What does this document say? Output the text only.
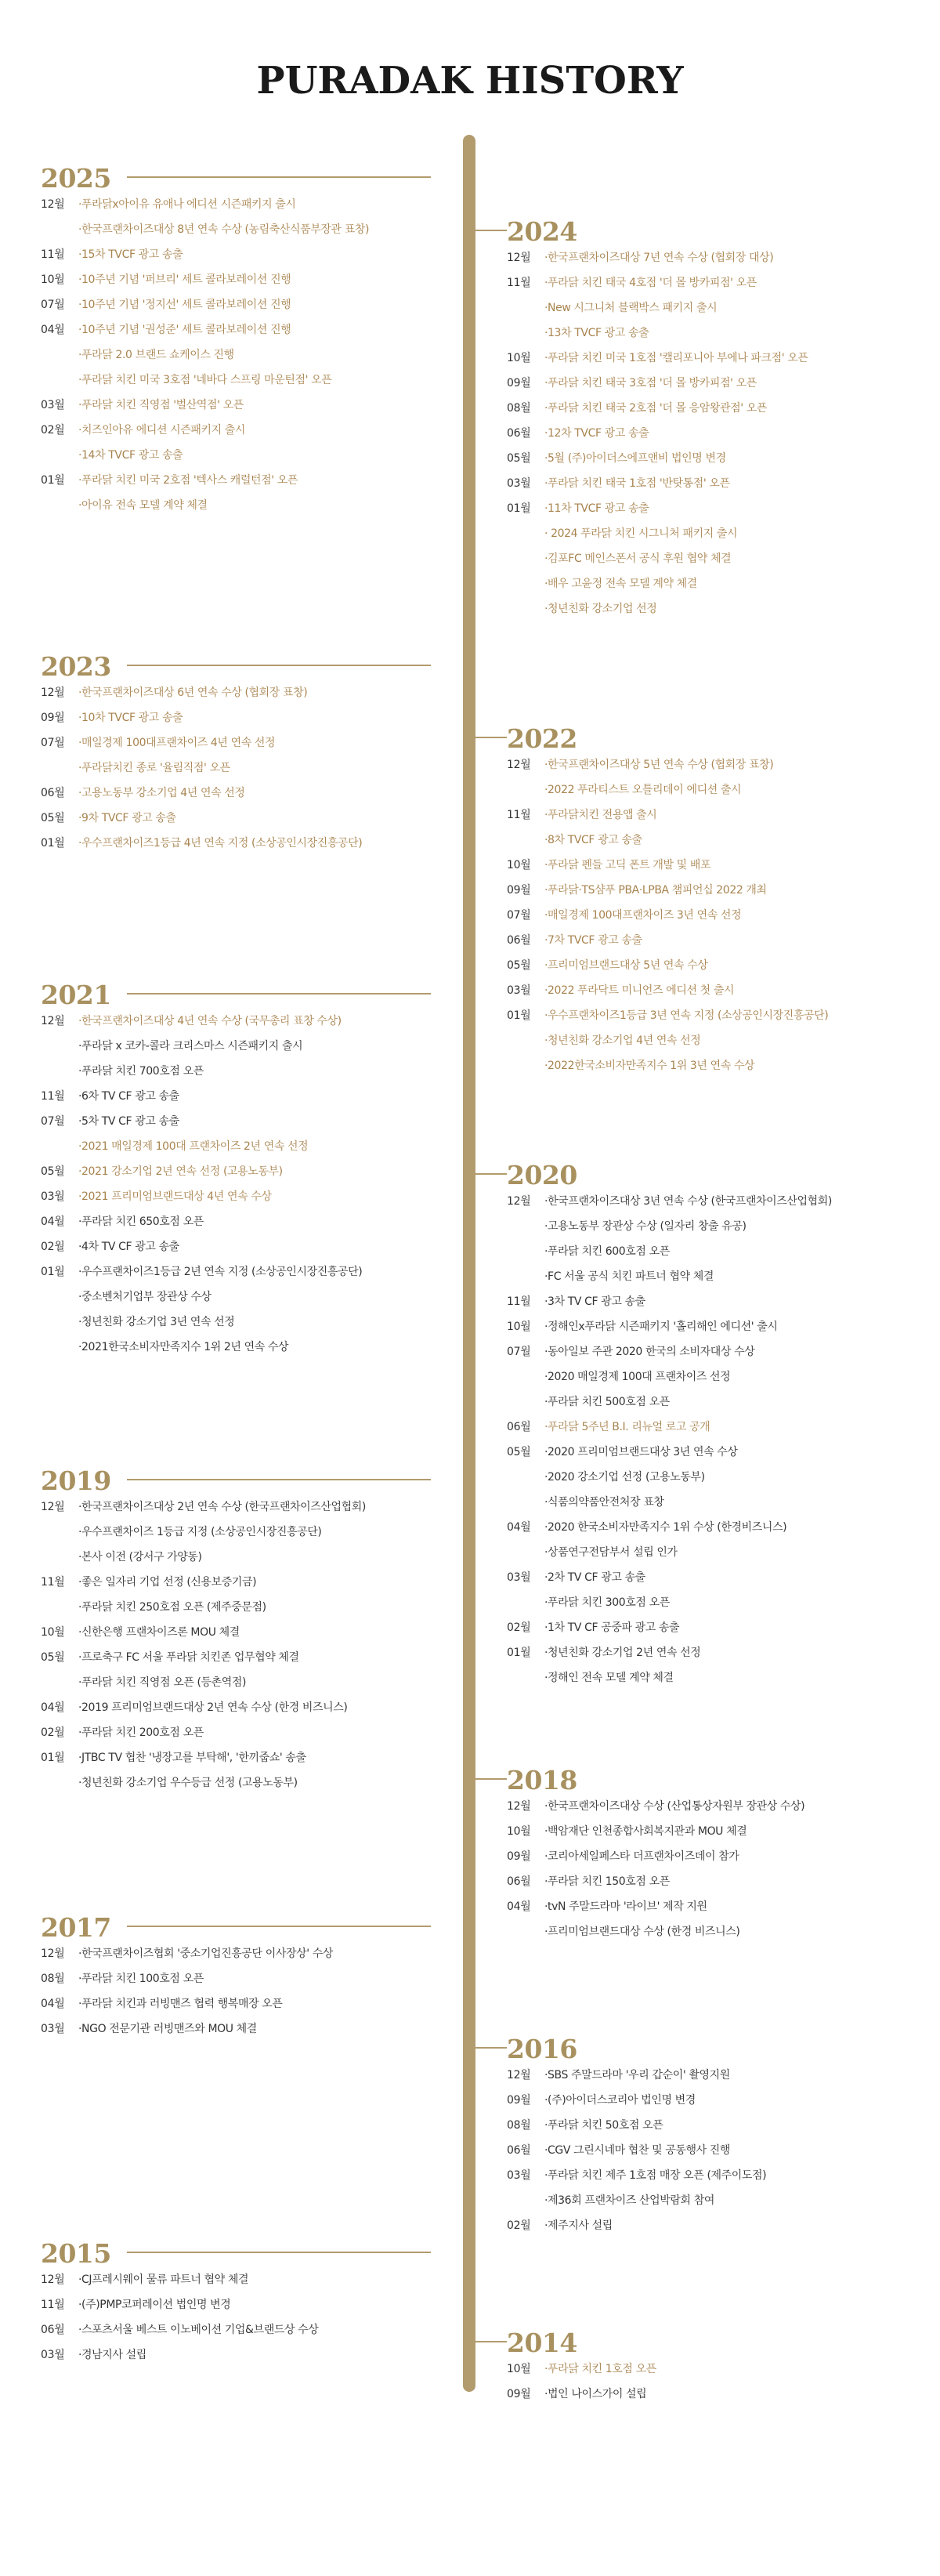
PURADAK HISTORY
2025
12월 ·푸라닭x아이유 유애나 에디션 시즌패키지 출시
·한국프랜차이즈대상 8년 연속 수상 (농림축산식품부장관 표창)
11월 ·15차 TVCF 광고 송출
10월 ·10주년 기념 '퍼브리' 세트 콜라보레이션 진행
07월 ·10주년 기념 '정지선' 세트 콜라보레이션 진행
04월 ·10주년 기념 '권성준' 세트 콜라보레이션 진행
·푸라닭 2.0 브랜드 쇼케이스 진행
·푸라닭 치킨 미국 3호점 '네바다 스프링 마운틴점' 오픈
03월 ·푸라닭 치킨 직영점 '벌산역점' 오픈
02월 ·치즈인아유 에디션 시즌패키지 출시
·14차 TVCF 광고 송출
01월 ·푸라닭 치킨 미국 2호점 '텍사스 캐럴턴점' 오픈
·아이유 전속 모델 계약 체결
2024
12월 ·한국프랜차이즈대상 7년 연속 수상 (협회장 대상)
11월 ·푸라닭 치킨 태국 4호점 '더 몰 방카피점' 오픈
·New 시그니처 블랙박스 패키지 출시
·13차 TVCF 광고 송출
10월 ·푸라닭 치킨 미국 1호점 '캘리포니아 부에나 파크점' 오픈
09월 ·푸라닭 치킨 태국 3호점 '더 몰 방카피점' 오픈
08월 ·푸라닭 치킨 태국 2호점 '더 몰 응암왕관점' 오픈
06월 ·12차 TVCF 광고 송출
05월 ·5월 (주)아이더스에프앤비 법인명 변경
03월 ·푸라닭 치킨 태국 1호점 '반탓통점' 오픈
01월 ·11차 TVCF 광고 송출
· 2024 푸라닭 치킨 시그니처 패키지 출시
·김포FC 메인스폰서 공식 후원 협약 체결
·배우 고윤정 전속 모델 계약 체결
·청년친화 강소기업 선정
2023
12월 ·한국프랜차이즈대상 6년 연속 수상 (협회장 표창)
09월 ·10차 TVCF 광고 송출
07월 ·매일경제 100대프랜차이즈 4년 연속 선정
·푸라닭치킨 종로 '율림직점' 오픈
06월 ·고용노동부 강소기업 4년 연속 선정
05월 ·9차 TVCF 광고 송출
01월 ·우수프랜차이즈1등급 4년 연속 지정 (소상공인시장진흥공단)
2022
12월 ·한국프랜차이즈대상 5년 연속 수상 (협회장 표창)
·2022 푸라티스트 오틀리데이 에디션 출시
11월 ·푸라닭치킨 전용앱 출시
·8차 TVCF 광고 송출
10월 ·푸라닭 펜들 고딕 폰트 개발 및 배포
09월 ·푸라닭·TS샴푸 PBA·LPBA 챔피언십 2022 개최
07월 ·매일경제 100대프랜차이즈 3년 연속 선정
06월 ·7차 TVCF 광고 송출
05월 ·프리미엄브랜드대상 5년 연속 수상
03월 ·2022 푸라닥트 미니언즈 에디션 첫 출시
01월 ·우수프랜차이즈1등급 3년 연속 지정 (소상공인시장진흥공단)
·청년친화 강소기업 4년 연속 선정
·2022한국소비자만족지수 1위 3년 연속 수상
2021
12월 ·한국프랜차이즈대상 4년 연속 수상 (국무총리 표창 수상)
·푸라닭 x 코카-콜라 크리스마스 시즌패키지 출시
·푸라닭 치킨 700호점 오픈
11월 ·6차 TV CF 광고 송출
07월 ·5차 TV CF 광고 송출
·2021 매일경제 100대 프랜차이즈 2년 연속 선정
05월 ·2021 강소기업 2년 연속 선정 (고용노동부)
03월 ·2021 프리미엄브랜드대상 4년 연속 수상
04월 ·푸라닭 치킨 650호점 오픈
02월 ·4차 TV CF 광고 송출
01월 ·우수프랜차이즈1등급 2년 연속 지정 (소상공인시장진흥공단)
·중소벤처기업부 장관상 수상
·청년친화 강소기업 3년 연속 선정
·2021한국소비자만족지수 1위 2년 연속 수상
2020
12월 ·한국프랜차이즈대상 3년 연속 수상 (한국프랜차이즈산업협회)
·고용노동부 장관상 수상 (일자리 창출 유공)
·푸라닭 치킨 600호점 오픈
·FC 서울 공식 치킨 파트너 협약 체결
11월 ·3차 TV CF 광고 송출
10월 ·정해인x푸라닭 시즌패키지 '홀리해인 에디션' 출시
07월 ·동아일보 주관 2020 한국의 소비자대상 수상
·2020 매일경제 100대 프랜차이즈 선정
·푸라닭 치킨 500호점 오픈
06월 ·푸라닭 5주년 B.I. 리뉴얼 로고 공개
05월 ·2020 프리미엄브랜드대상 3년 연속 수상
·2020 강소기업 선정 (고용노동부)
·식품의약품안전처장 표창
04월 ·2020 한국소비자만족지수 1위 수상 (한경비즈니스)
·상품연구전담부서 설립 인가
03월 ·2차 TV CF 광고 송출
·푸라닭 치킨 300호점 오픈
02월 ·1차 TV CF 공중파 광고 송출
01월 ·청년친화 강소기업 2년 연속 선정
·정해인 전속 모델 계약 체결
2019
12월 ·한국프랜차이즈대상 2년 연속 수상 (한국프랜차이즈산업협회)
·우수프랜차이즈 1등급 지정 (소상공인시장진흥공단)
·본사 이전 (강서구 가양동)
11월 ·좋은 일자리 기업 선정 (신용보증기금)
·푸라닭 치킨 250호점 오픈 (제주중문점)
10월 ·신한은행 프랜차이즈론 MOU 체결
05월 ·프로축구 FC 서울 푸라닭 치킨존 업무협약 체결
·푸라닭 치킨 직영점 오픈 (등촌역점)
04월 ·2019 프리미엄브랜드대상 2년 연속 수상 (한경 비즈니스)
02월 ·푸라닭 치킨 200호점 오픈
01월 ·JTBC TV 협찬 '냉장고를 부탁해', '한끼줍쇼' 송출
·청년친화 강소기업 우수등급 선정 (고용노동부)	2018
12월 ·한국프랜차이즈대상 수상 (산업통상자원부 장관상 수상)
10월 ·백암재단 인천종합사회복지관과 MOU 체결
09월 ·코리아세일페스타 더프랜차이즈데이 참가
06월 ·푸라닭 치킨 150호점 오픈
04월 ·tvN 주말드라마 '라이브' 제작 지원
·프리미엄브랜드대상 수상 (한경 비즈니스)
2017
12월 ·한국프랜차이즈협회 '중소기업진흥공단 이사장상' 수상
08월 ·푸라닭 치킨 100호점 오픈
04월 ·푸라닭 치킨과 러빙맨즈 협력 행복매장 오픈
03월 ·NGO 전문기관 러빙맨즈와 MOU 체결
2016
12월 ·SBS 주말드라마 '우리 갑순이' 촬영지원
09월 ·(주)아이더스코리아 법인명 변경
08월 ·푸라닭 치킨 50호점 오픈
06월 ·CGV 그린시네마 협찬 및 공동행사 진행
03월 ·푸라닭 치킨 제주 1호점 매장 오픈 (제주이도점)
·제36회 프랜차이즈 산업박람회 참여
02월 ·제주지사 설립
2015
12월 ·CJ프레시웨이 물류 파트너 협약 체결
11월 ·(주)PMP코퍼레이션 법인명 변경
06월 ·스포츠서울 베스트 이노베이션 기업&브랜드상 수상
03월 ·경남지사 설립	2014
10월 ·푸라닭 치킨 1호점 오픈
09월 ·법인 나이스가이 설립
